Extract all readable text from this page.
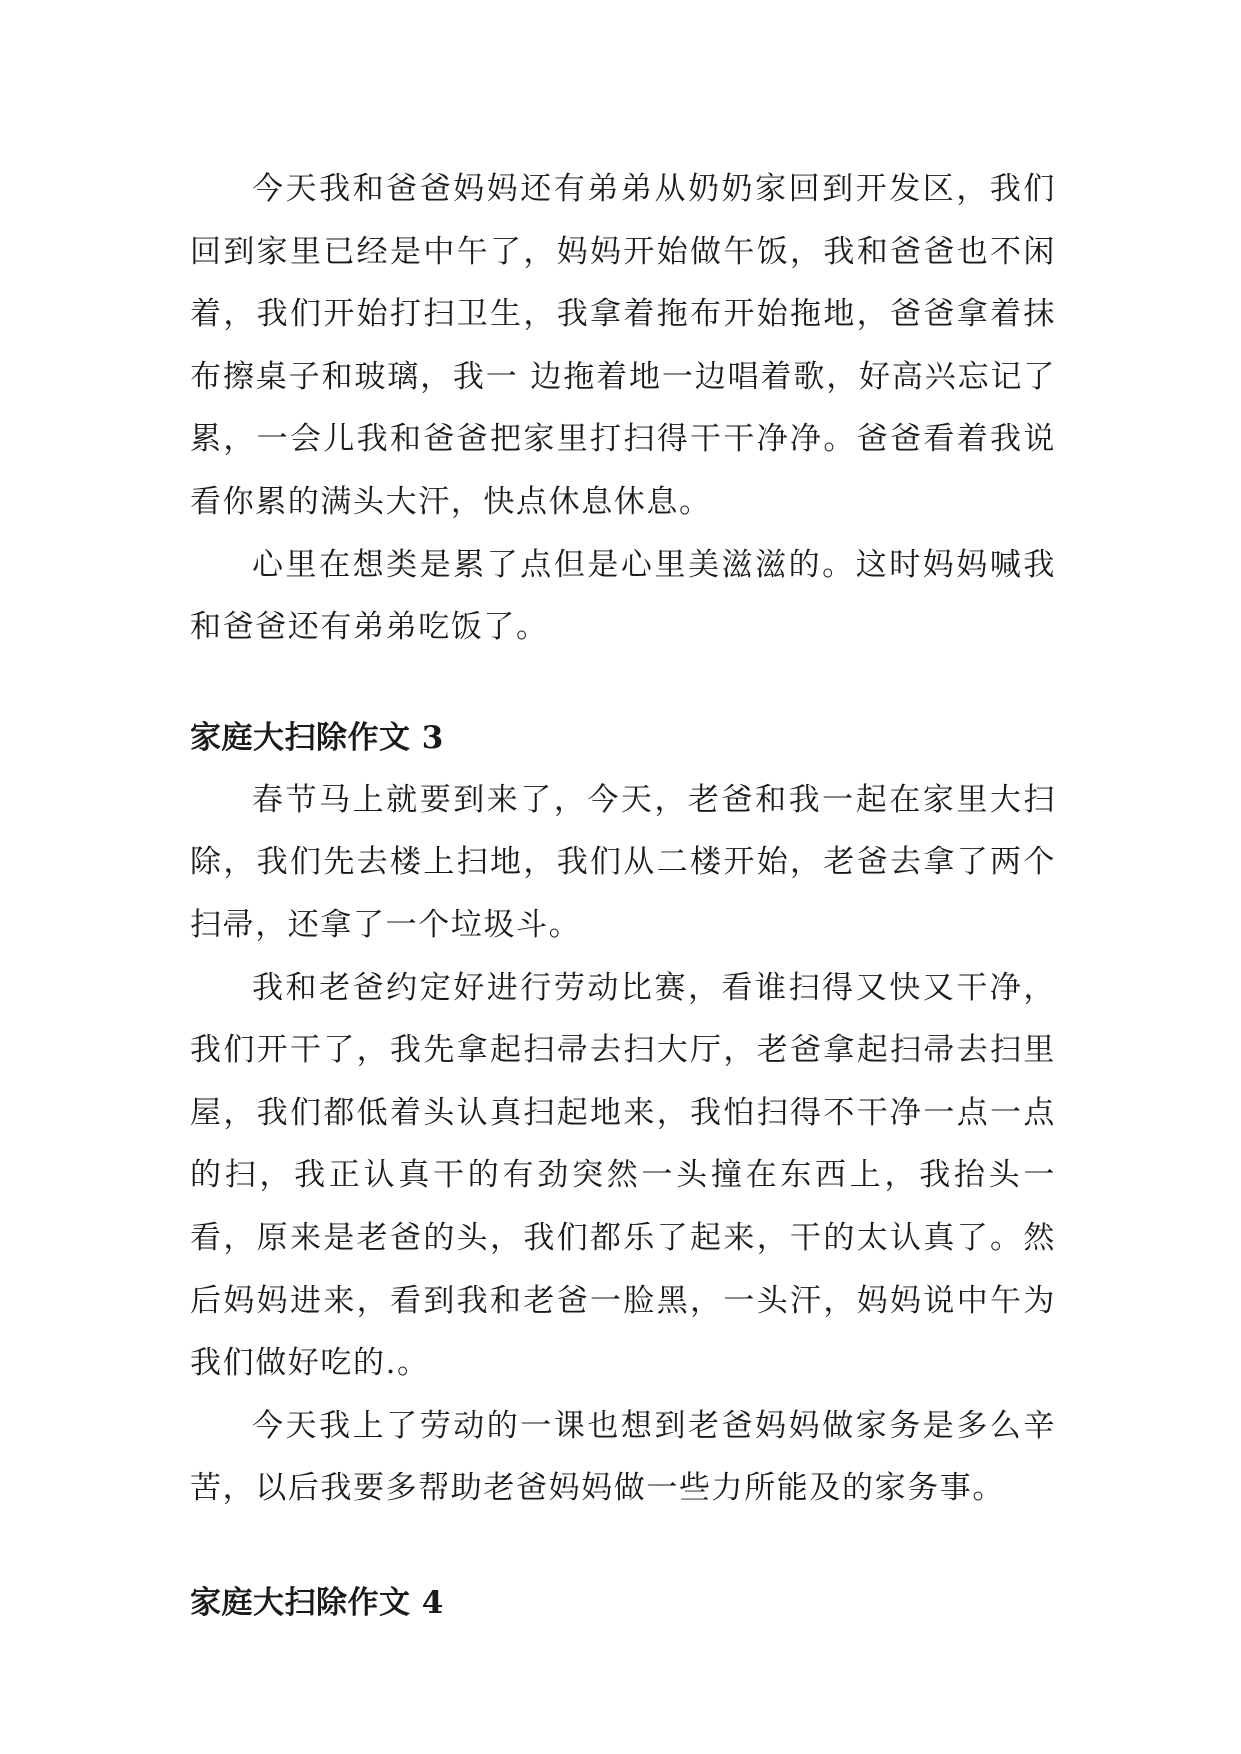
今天我和爸爸妈妈还有弟弟从奶奶家回到开发区，我们回到家里已经是中午了，妈妈开始做午饭，我和爸爸也不闲着，我们开始打扫卫生，我拿着拖布开始拖地，爸爸拿着抹布擦桌子和玻璃，我一 边拖着地一边唱着歌，好高兴忘记了累，一会儿我和爸爸把家里打扫得干干净净。爸爸看着我说看你累的满头大汗，快点休息休息。

心里在想类是累了点但是心里美滋滋的。这时妈妈喊我和爸爸还有弟弟吃饭了。

家庭大扫除作文 3

春节马上就要到来了，今天，老爸和我一起在家里大扫除，我们先去楼上扫地，我们从二楼开始，老爸去拿了两个扫帚，还拿了一个垃圾斗。

我和老爸约定好进行劳动比赛，看谁扫得又快又干净，我们开干了，我先拿起扫帚去扫大厅，老爸拿起扫帚去扫里屋，我们都低着头认真扫起地来，我怕扫得不干净一点一点的扫，我正认真干的有劲突然一头撞在东西上，我抬头一看，原来是老爸的头，我们都乐了起来，干的太认真了。然后妈妈进来，看到我和老爸一脸黑，一头汗，妈妈说中午为我们做好吃的.。

今天我上了劳动的一课也想到老爸妈妈做家务是多么辛苦，以后我要多帮助老爸妈妈做一些力所能及的家务事。

家庭大扫除作文 4
